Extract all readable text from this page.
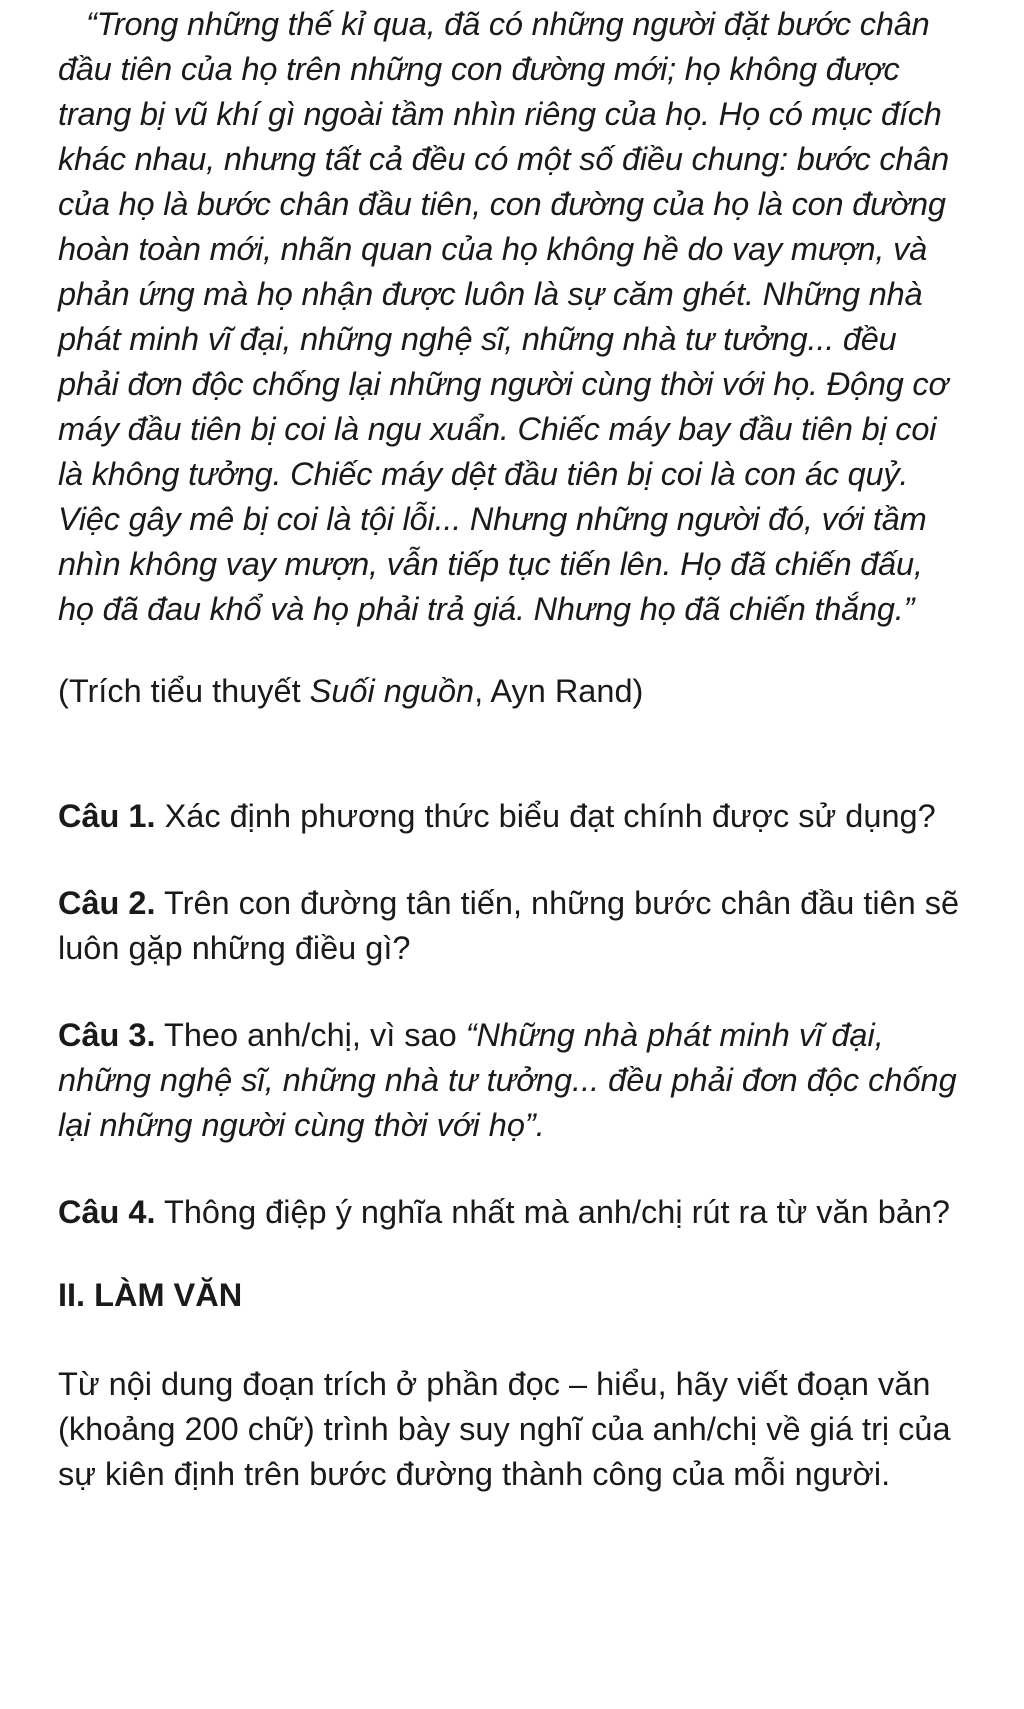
“Trong những thế kỉ qua, đã có những người đặt bước chân đầu tiên của họ trên những con đường mới; họ không được trang bị vũ khí gì ngoài tầm nhìn riêng của họ. Họ có mục đích khác nhau, nhưng tất cả đều có một số điều chung: bước chân của họ là bước chân đầu tiên, con đường của họ là con đường hoàn toàn mới, nhãn quan của họ không hề do vay mượn, và phản ứng mà họ nhận được luôn là sự căm ghét. Những nhà phát minh vĩ đại, những nghệ sĩ, những nhà tư tưởng... đều phải đơn độc chống lại những người cùng thời với họ. Động cơ máy đầu tiên bị coi là ngu xuẩn. Chiếc máy bay đầu tiên bị coi là không tưởng. Chiếc máy dệt đầu tiên bị coi là con ác quỷ. Việc gây mê bị coi là tội lỗi... Nhưng những người đó, với tầm nhìn không vay mượn, vẫn tiếp tục tiến lên. Họ đã chiến đấu, họ đã đau khổ và họ phải trả giá. Nhưng họ đã chiến thắng.”

(Trích tiểu thuyết Suối nguồn, Ayn Rand)

Câu 1. Xác định phương thức biểu đạt chính được sử dụng?

Câu 2. Trên con đường tân tiến, những bước chân đầu tiên sẽ luôn gặp những điều gì?

Câu 3. Theo anh/chị, vì sao “Những nhà phát minh vĩ đại, những nghệ sĩ, những nhà tư tưởng... đều phải đơn độc chống lại những người cùng thời với họ”.

Câu 4. Thông điệp ý nghĩa nhất mà anh/chị rút ra từ văn bản?

II. LÀM VĂN

Từ nội dung đoạn trích ở phần đọc – hiểu, hãy viết đoạn văn (khoảng 200 chữ) trình bày suy nghĩ của anh/chị về giá trị của sự kiên định trên bước đường thành công của mỗi người.
